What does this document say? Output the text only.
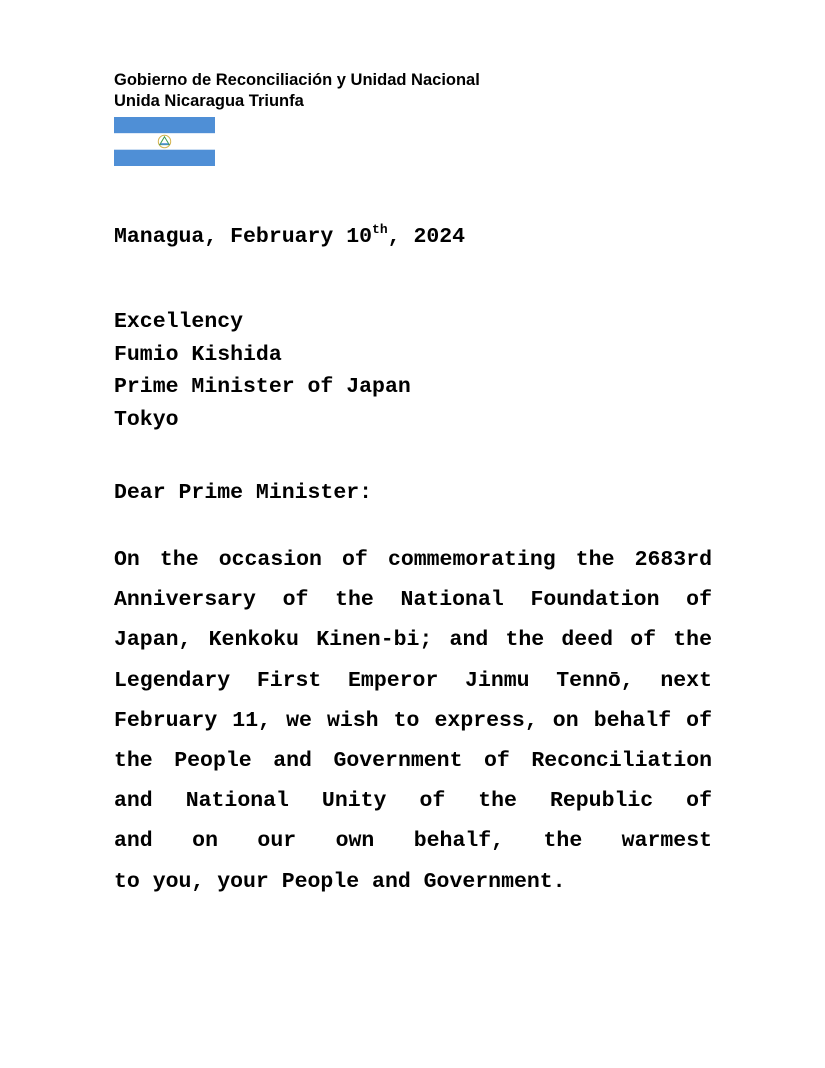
Gobierno de Reconciliación y Unidad Nacional
Unida Nicaragua Triunfa
Managua, February 10th, 2024
Excellency
Fumio Kishida
Prime Minister of Japan
Tokyo
Dear Prime Minister:
On the occasion of commemorating the 2683rd
Anniversary of the National Foundation of
Japan, Kenkoku Kinen-bi; and the deed of the
Legendary First Emperor Jinmu Tennō, next
February 11, we wish to express, on behalf of
the People and Government of Reconciliation
and National Unity of the Republic of
and on our own behalf, the warmest
to you, your People and Government.
